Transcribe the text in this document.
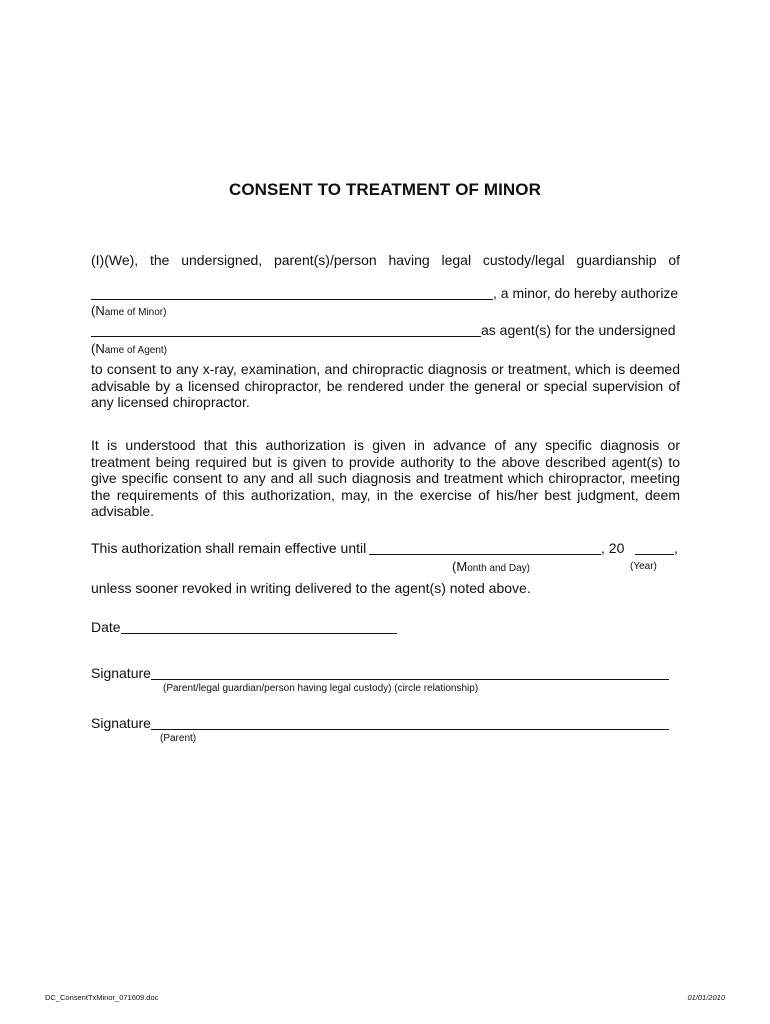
CONSENT TO TREATMENT OF MINOR
(I)(We), the undersigned, parent(s)/person having legal custody/legal guardianship of
, a minor, do hereby authorize
(Name of Minor)
as agent(s) for the undersigned
(Name of Agent)
to consent to any x-ray, examination, and chiropractic diagnosis or treatment, which is deemed advisable by a licensed chiropractor, be rendered under the general or special supervision of any licensed chiropractor.
It is understood that this authorization is given in advance of any specific diagnosis or treatment being required but is given to provide authority to the above described agent(s) to give specific consent to any and all such diagnosis and treatment which chiropractor, meeting the requirements of this authorization, may, in the exercise of his/her best judgment, deem advisable.
This authorization shall remain effective until	, 20	,
(Month and Day)	(Year)
unless sooner revoked in writing delivered to the agent(s) noted above.
Date
Signature
(Parent/legal guardian/person having legal custody) (circle relationship)
Signature
(Parent)
DC_ConsentTxMinor_071609.doc	01/01/2010
